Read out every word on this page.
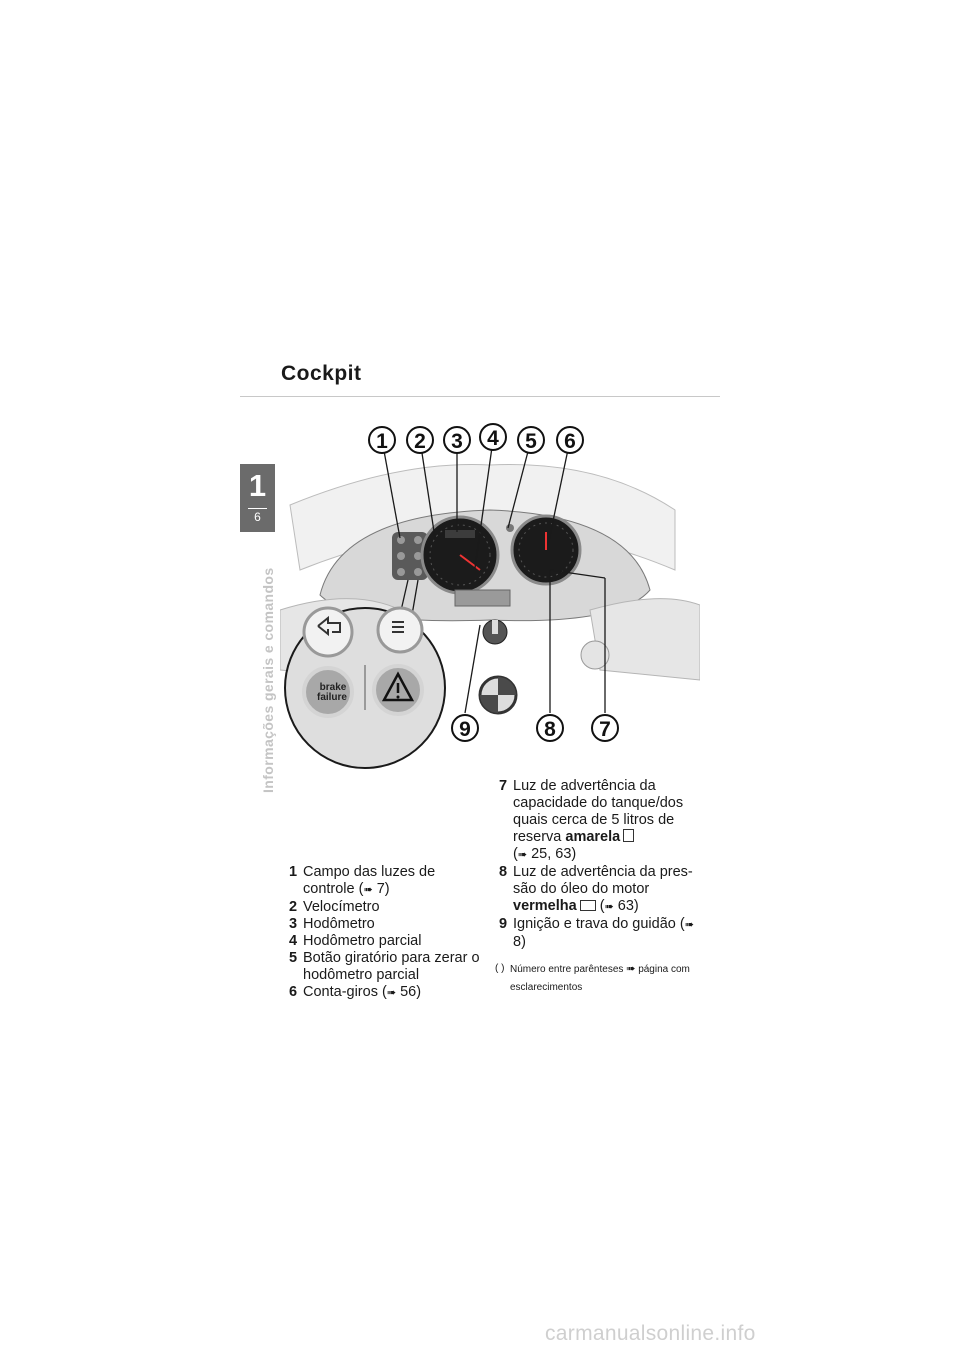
Cockpit
1
6
Informações gerais e comandos
1 2 3 4 5 6
7
8
9
brake
failure

1 Campo das luzes de controle (➠ 7)

2 Velocímetro

3 Hodômetro

4 Hodômetro parcial

5 Botão giratório para zerar o hodômetro parcial

6 Conta-giros (➠ 56)

7 Luz de advertência da capacidade do tanque/dos quais cerca de 5 litros de reserva amarela
(➠ 25, 63)

8 Luz de advertência da pres-são do óleo do motor vermelha (➠ 63)

9 Ignição e trava do guidão (➠ 8)

( ) Número entre parênteses ➠ página com esclarecimentos

carmanualsonline.info
